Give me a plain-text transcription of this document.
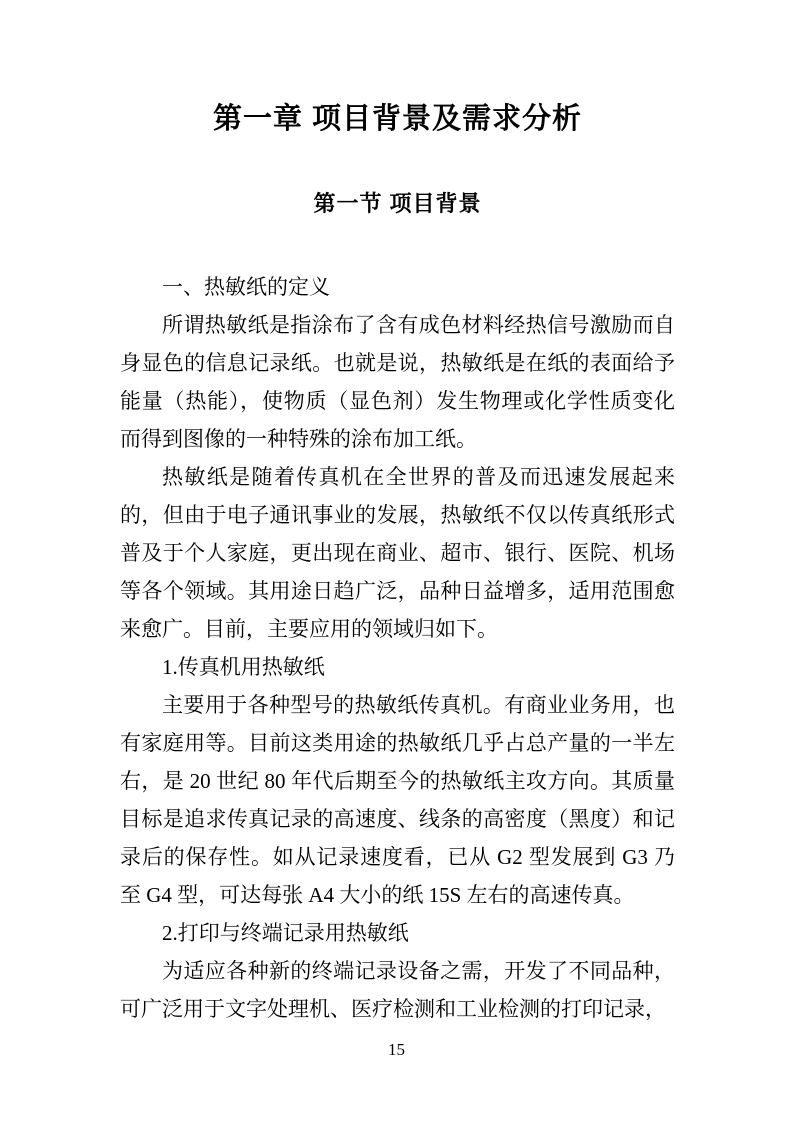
第一章 项目背景及需求分析
第一节 项目背景

一、热敏纸的定义

所谓热敏纸是指涂布了含有成色材料经热信号激励而自身显色的信息记录纸。也就是说，热敏纸是在纸的表面给予能量（热能），使物质（显色剂）发生物理或化学性质变化而得到图像的一种特殊的涂布加工纸。

热敏纸是随着传真机在全世界的普及而迅速发展起来的，但由于电子通讯事业的发展，热敏纸不仅以传真纸形式普及于个人家庭，更出现在商业、超市、银行、医院、机场等各个领域。其用途日趋广泛，品种日益增多，适用范围愈来愈广。目前，主要应用的领域归如下。

1.传真机用热敏纸

主要用于各种型号的热敏纸传真机。有商业业务用，也有家庭用等。目前这类用途的热敏纸几乎占总产量的一半左右，是 20 世纪 80 年代后期至今的热敏纸主攻方向。其质量目标是追求传真记录的高速度、线条的高密度（黑度）和记录后的保存性。如从记录速度看，已从 G2 型发展到 G3 乃至 G4 型，可达每张 A4 大小的纸 15S 左右的高速传真。

2.打印与终端记录用热敏纸

为适应各种新的终端记录设备之需，开发了不同品种，可广泛用于文字处理机、医疗检测和工业检测的打印记录，

15
